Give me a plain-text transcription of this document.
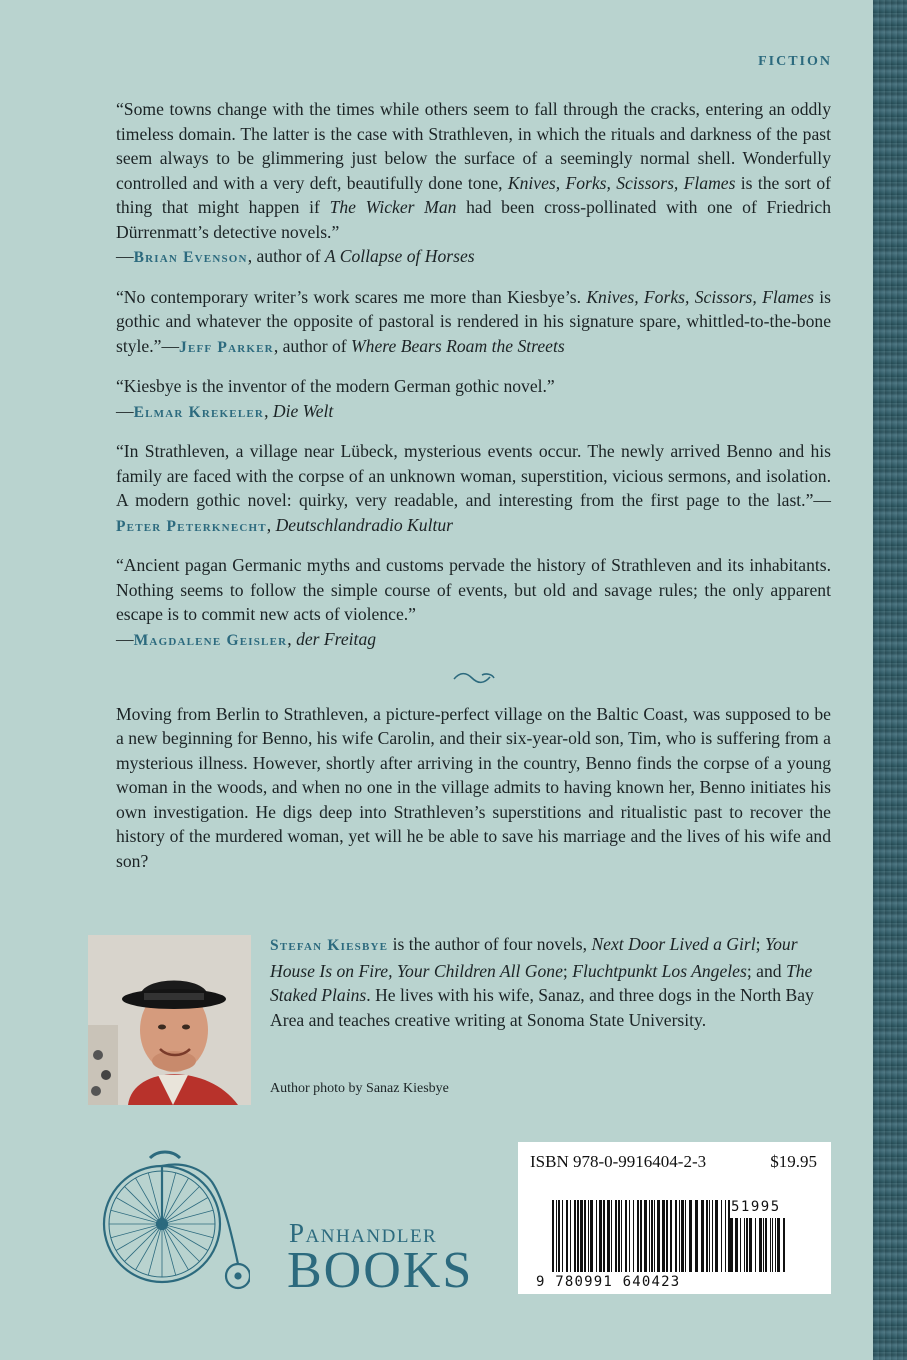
FICTION

“Some towns change with the times while others seem to fall through the cracks, entering an oddly timeless domain. The latter is the case with Strathleven, in which the rituals and darkness of the past seem always to be glimmering just below the surface of a seemingly normal shell. Wonderfully controlled and with a very deft, beautifully done tone, Knives, Forks, Scissors, Flames is the sort of thing that might happen if The Wicker Man had been cross-pollinated with one of Friedrich Dürrenmatt’s detective novels.”
—Brian Evenson, author of A Collapse of Horses

“No contemporary writer’s work scares me more than Kiesbye’s. Knives, Forks, Scissors, Flames is gothic and whatever the opposite of pastoral is rendered in his signature spare, whittled-to-the-bone style.”—Jeff Parker, author of Where Bears Roam the Streets

“Kiesbye is the inventor of the modern German gothic novel.”
—Elmar Krekeler, Die Welt

“In Strathleven, a village near Lübeck, mysterious events occur. The newly arrived Benno and his family are faced with the corpse of an unknown woman, superstition, vicious sermons, and isolation. A modern gothic novel: quirky, very readable, and interesting from the first page to the last.”—Peter Peterknecht, Deutschlandradio Kultur

“Ancient pagan Germanic myths and customs pervade the history of Strathleven and its inhabitants. Nothing seems to follow the simple course of events, but old and savage rules; the only apparent escape is to commit new acts of violence.”
—Magdalene Geisler, der Freitag

Moving from Berlin to Strathleven, a picture-perfect village on the Baltic Coast, was supposed to be a new beginning for Benno, his wife Carolin, and their six-year-old son, Tim, who is suffering from a mysterious illness. However, shortly after arriving in the country, Benno finds the corpse of a young woman in the woods, and when no one in the village admits to having known her, Benno initiates his own investigation. He digs deep into Strathleven’s superstitions and ritualistic past to recover the history of the murdered woman, yet will he be able to save his marriage and the lives of his wife and son?

Stefan Kiesbye is the author of four novels, Next Door Lived a Girl; Your House Is on Fire, Your Children All Gone; Fluchtpunkt Los Angeles; and The Staked Plains. He lives with his wife, Sanaz, and three dogs in the North Bay Area and teaches creative writing at Sonoma State University.
Author photo by Sanaz Kiesbye
Panhandler
BOOKS
ISBN 978-0-9916404-2-3	$19.95
51995
9 780991 640423
